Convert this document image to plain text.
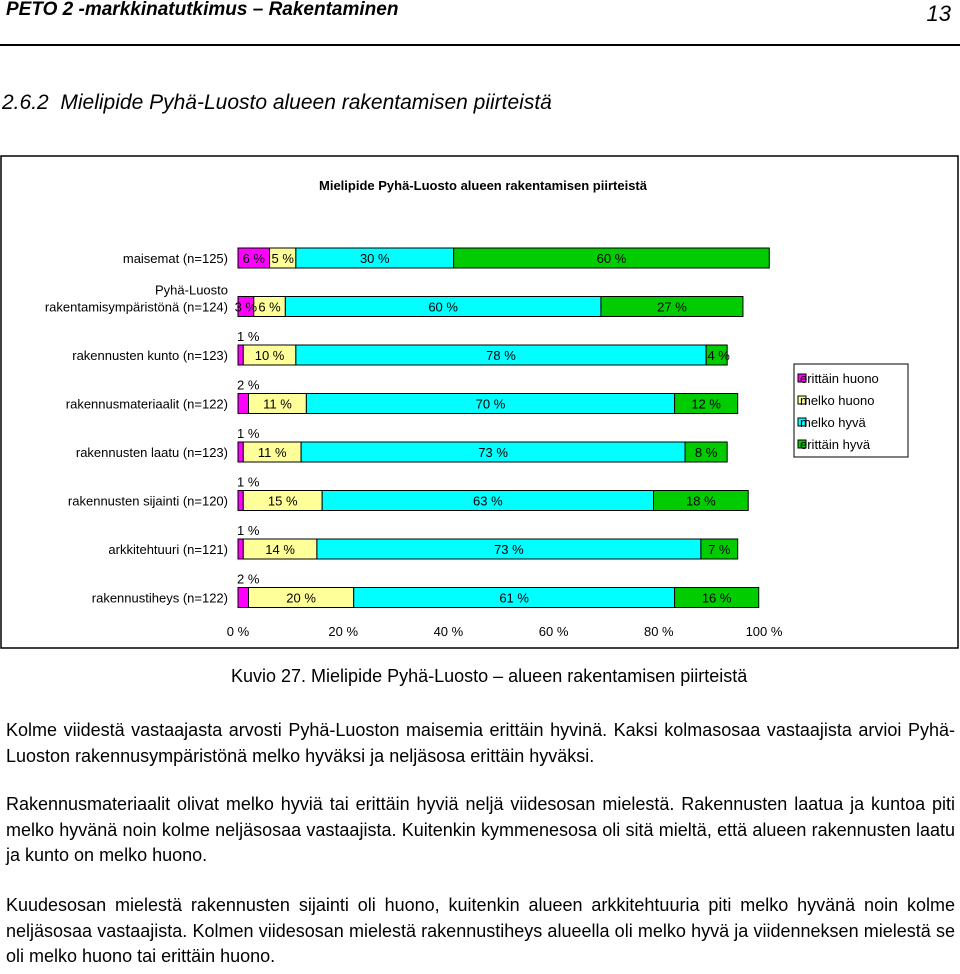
PETO 2 -markkinatutkimus – Rakentaminen	13
2.6.2 Mielipide Pyhä-Luosto alueen rakentamisen piirteistä
Mielipide Pyhä-Luosto alueen rakentamisen piirteistä
6 % 5 %	30 %	60 %
3 % 6 %	60 %	27 %
1 %
10 %	78 %	4 %
2 %
11 %	70 %	12 %
1 %
11 %	73 %	8 %
1 %
15 %	63 %	18 %
1 %
14 %	73 %	7 %
2 %
20 %	61 %	16 %
maisemat (n=125)
Pyhä-Luosto
rakentamisympäristönä (n=124)
rakennusten kunto (n=123)
rakennusmateriaalit (n=122)
rakennusten laatu (n=123)
rakennusten sijainti (n=120)
arkkitehtuuri (n=121)
rakennustiheys (n=122)
0 %	20 %	40 %	60 %	80 %	100 %
erittäin huono
melko huono
melko hyvä
erittäin hyvä
Kuvio 27. Mielipide Pyhä-Luosto – alueen rakentamisen piirteistä

Kolme viidestä vastaajasta arvosti Pyhä-Luoston maisemia erittäin hyvinä. Kaksi kolmasosaa vastaajista arvioi Pyhä-Luoston rakennusympäristönä melko hyväksi ja neljäsosa erittäin hyväksi.

Rakennusmateriaalit olivat melko hyviä tai erittäin hyviä neljä viidesosan mielestä. Rakennusten laatua ja kuntoa piti melko hyvänä noin kolme neljäsosaa vastaajista. Kuitenkin kymmenesosa oli sitä mieltä, että alueen rakennusten laatu ja kunto on melko huono.

Kuudesosan mielestä rakennusten sijainti oli huono, kuitenkin alueen arkkitehtuuria piti melko hyvänä noin kolme neljäsosaa vastaajista. Kolmen viidesosan mielestä rakennustiheys alueella oli melko hyvä ja viidenneksen mielestä se oli melko huono tai erittäin huono.
